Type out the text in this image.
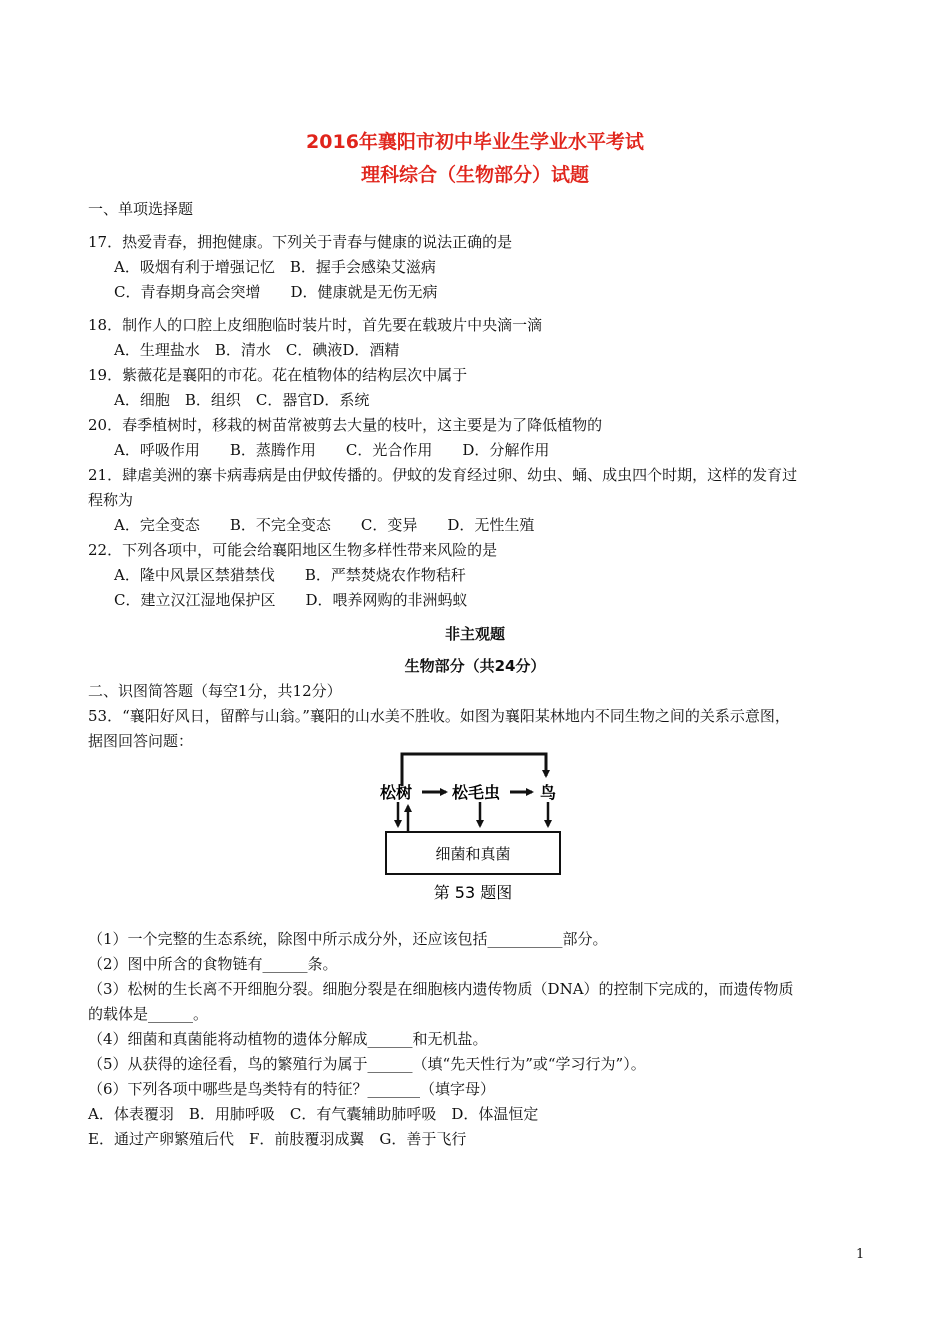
2016年襄阳市初中毕业生学业水平考试
理科综合（生物部分）试题
一、单项选择题
17．热爱青春，拥抱健康。下列关于青春与健康的说法正确的是
A．吸烟有利于增强记忆　B．握手会感染艾滋病
C．青春期身高会突增　　D．健康就是无伤无病
18．制作人的口腔上皮细胞临时装片时，首先要在载玻片中央滴一滴
A．生理盐水　B．清水　C．碘液D．酒精
19．紫薇花是襄阳的市花。花在植物体的结构层次中属于
A．细胞　B．组织　C．器官D．系统
20．春季植树时，移栽的树苗常被剪去大量的枝叶，这主要是为了降低植物的
A．呼吸作用　　B．蒸腾作用　　C．光合作用　　D．分解作用
21．肆虐美洲的寨卡病毒病是由伊蚊传播的。伊蚊的发育经过卵、幼虫、蛹、成虫四个时期，这样的发育过
程称为
A．完全变态　　B．不完全变态　　C．变异　　D．无性生殖
22．下列各项中，可能会给襄阳地区生物多样性带来风险的是
A．隆中风景区禁猎禁伐　　B．严禁焚烧农作物秸秆
C．建立汉江湿地保护区　　D．喂养网购的非洲蚂蚁
非主观题
生物部分（共24分）
二、识图简答题（每空1分，共12分）
53．“襄阳好风日，留醉与山翁。”襄阳的山水美不胜收。如图为襄阳某林地内不同生物之间的关系示意图，
据图回答问题：
松树 松毛虫 鸟
细菌和真菌
第 53 题图
（1）一个完整的生态系统，除图中所示成分外，还应该包括__________部分。
（2）图中所含的食物链有______条。
（3）松树的生长离不开细胞分裂。细胞分裂是在细胞核内遗传物质（DNA）的控制下完成的，而遗传物质
的载体是______。
（4）细菌和真菌能将动植物的遗体分解成______和无机盐。
（5）从获得的途径看，鸟的繁殖行为属于______（填“先天性行为”或“学习行为”）。
（6）下列各项中哪些是鸟类特有的特征？_______（填字母）
A．体表覆羽　B．用肺呼吸　C．有气囊辅助肺呼吸　D．体温恒定
E．通过产卵繁殖后代　F．前肢覆羽成翼　G．善于飞行
1
